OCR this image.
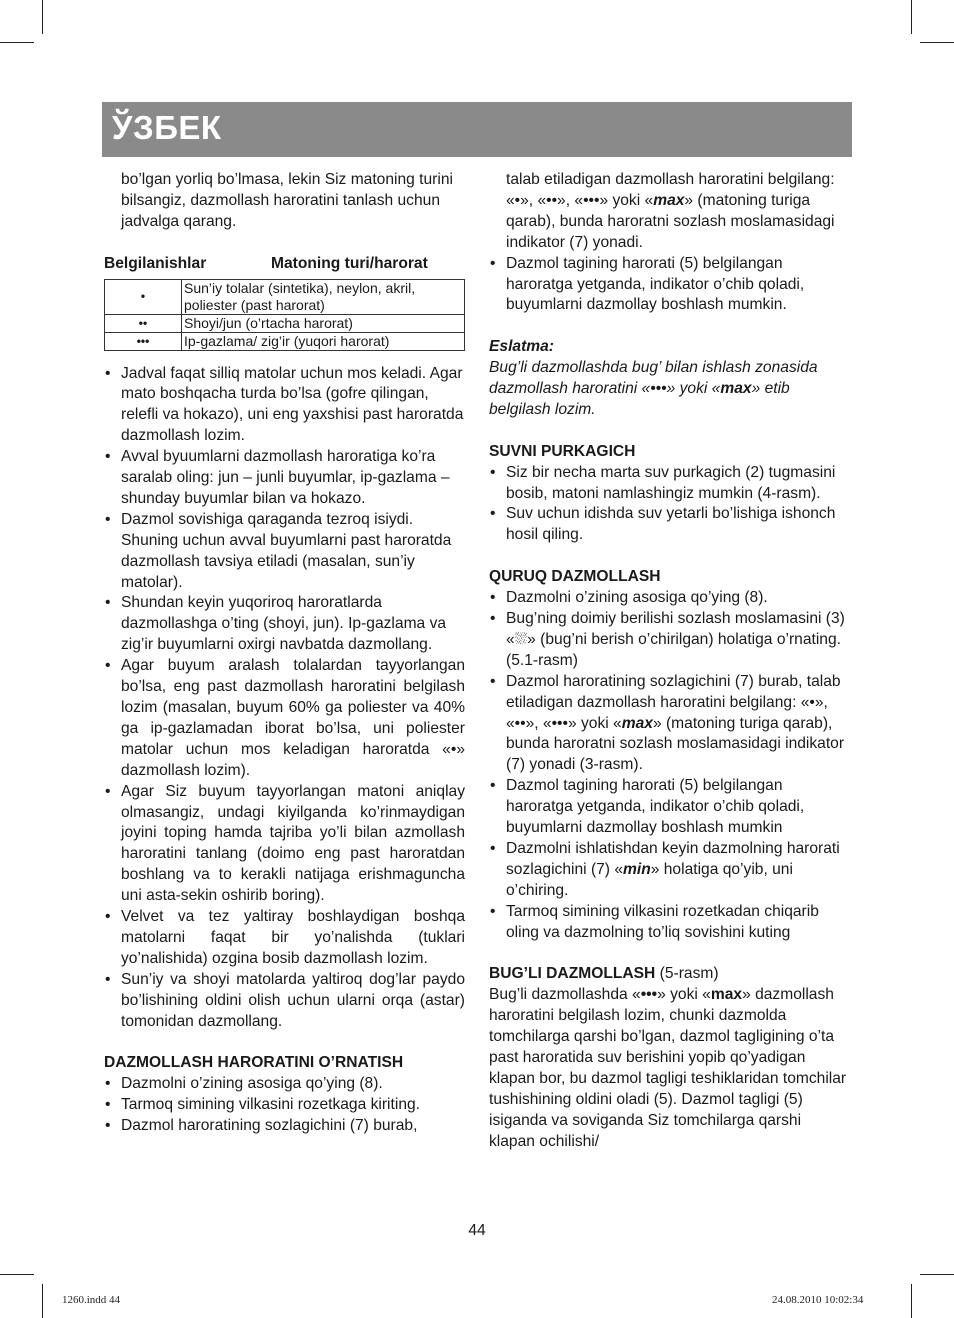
ЎЗБЕК

bo’lgan yorliq bo’lmasa, lekin Siz matoning turini bilsangiz, dazmollash haroratini tanlash uchun jadvalga qarang.

Belgilanishlar	Matoning turi/harorat
•	Sun’iy tolalar (sintetika), neylon, akril, poliester (past harorat)
••	Shoyi/jun (o’rtacha harorat)
•••	Ip-gazlama/ zig’ir (yuqori harorat)
• Jadval faqat silliq matolar uchun mos keladi. Agar mato boshqacha turda bo’lsa (gofre qilingan, relefli va hokazo), uni eng yaxshisi past haroratda dazmollash lozim.
• Avval byuumlarni dazmollash haroratiga ko’ra saralab oling: jun – junli buyumlar, ip-gazlama – shunday buyumlar bilan va hokazo.
• Dazmol sovishiga qaraganda tezroq isiydi. Shuning uchun avval buyumlarni past haroratda dazmollash tavsiya etiladi (masalan, sun’iy matolar).
• Shundan keyin yuqoriroq haroratlarda dazmollashga o’ting (shoyi, jun). Ip-gazlama va zig’ir buyumlarni oxirgi navbatda dazmollang.
• Agar buyum aralash tolalardan tayyorlangan bo’lsa, eng past dazmollash haroratini belgilash lozim (masalan, buyum 60% ga poliester va 40% ga ip-gazlamadan iborat bo’lsa, uni poliester matolar uchun mos keladigan haroratda «•» dazmollash lozim).
• Agar Siz buyum tayyorlangan matoni aniqlay olmasangiz, undagi kiyilganda ko’rinmaydigan joyini toping hamda tajriba yo’li bilan azmollash haroratini tanlang (doimo eng past haroratdan boshlang va to kerakli natijaga erishmaguncha uni asta-sekin oshirib boring).
• Velvet va tez yaltiray boshlaydigan boshqa matolarni faqat bir yo’nalishda (tuklari yo’nalishida) ozgina bosib dazmollash lozim.
• Sun’iy va shoyi matolarda yaltiroq dog’lar paydo bo’lishining oldini olish uchun ularni orqa (astar) tomonidan dazmollang.

DAZMOLLASH HARORATINI O’RNATISH

• Dazmolni o’zining asosiga qo’ying (8).
• Tarmoq simining vilkasini rozetkaga kiriting.
• Dazmol haroratining sozlagichini (7) burab,

talab etiladigan dazmollash haroratini belgilang: «•», «••», «•••» yoki «max» (matoning turiga qarab), bunda haroratni sozlash moslamasidagi indikator (7) yonadi.

• Dazmol tagining harorati (5) belgilangan haroratga yetganda, indikator o’chib qoladi, buyumlarni dazmollay boshlash mumkin.

Eslatma:

Bug’li dazmollashda bug’ bilan ishlash zonasida dazmollash haroratini «•••» yoki «max» etib belgilash lozim.

SUVNI PURKAGICH

• Siz bir necha marta suv purkagich (2) tugmasini bosib, matoni namlashingiz mumkin (4-rasm).
• Suv uchun idishda suv yetarli bo’lishiga ishonch hosil qiling.

QURUQ DAZMOLLASH

• Dazmolni o’zining asosiga qo’ying (8).
• Bug’ning doimiy berilishi sozlash moslamasini (3) «⛆» (bug’ni berish o’chirilgan) holatiga o’rnating. (5.1-rasm)
• Dazmol haroratining sozlagichini (7) burab, talab etiladigan dazmollash haroratini belgilang: «•», «••», «•••» yoki «max» (matoning turiga qarab), bunda haroratni sozlash moslamasidagi indikator (7) yonadi (3-rasm).
• Dazmol tagining harorati (5) belgilangan haroratga yetganda, indikator o’chib qoladi, buyumlarni dazmollay boshlash mumkin
• Dazmolni ishlatishdan keyin dazmolning harorati sozlagichini (7) «min» holatiga qo’yib, uni o’chiring.
• Tarmoq simining vilkasini rozetkadan chiqarib oling va dazmolning to’liq sovishini kuting

BUG’LI DAZMOLLASH (5-rasm)

Bug’li dazmollashda «•••» yoki «max» dazmollash haroratini belgilash lozim, chunki dazmolda tomchilarga qarshi bo’lgan, dazmol tagligining o’ta past haroratida suv berishini yopib qo’yadigan klapan bor, bu dazmol tagligi teshiklaridan tomchilar tushishining oldini oladi (5). Dazmol tagligi (5) isiganda va soviganda Siz tomchilarga qarshi klapan ochilishi/

44
1260.indd 44	24.08.2010 10:02:34
